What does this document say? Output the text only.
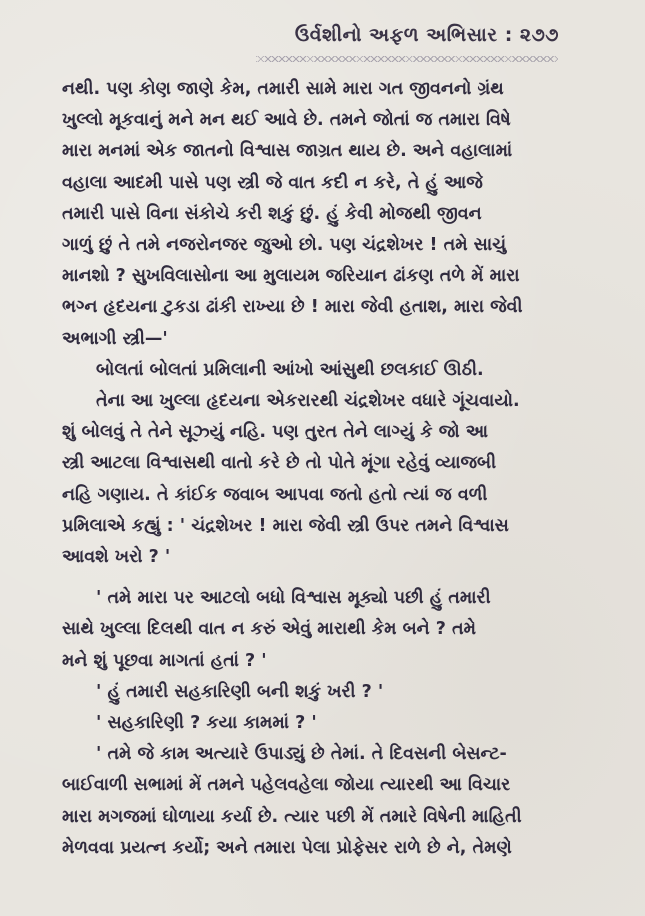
ઉર્વશીનો અફળ અભિસાર : ૨૭૭

નથી. પણ કોણ જાણે કેમ, તમારી સામે મારા ગત જીવનનો ગ્રંથ
ખુલ્લો મૂકવાનું મને મન થઈ આવે છે. તમને જોતાં જ તમારા વિષે
મારા મનમાં એક જાતનો વિશ્વાસ જાગ્રત થાય છે. અને વહાલામાં
વહાલા આદમી પાસે પણ સ્ત્રી જે વાત કદી ન કરે, તે હું આજે
તમારી પાસે વિના સંકોચે કરી શકું છું. હું કેવી મોજથી જીવન
ગાળું છું તે તમે નજરોનજર જુઓ છો. પણ ચંદ્રશેખર ! તમે સાચું
માનશો ? સુખવિલાસોના આ મુલાયમ જરિયાન ઢાંકણ તળે મેં મારા
ભગ્ન હૃદયના ટુકડા ઢાંકી રાખ્યા છે ! મારા જેવી હતાશ, મારા જેવી
અભાગી સ્ત્રી—'

બોલતાં બોલતાં પ્રમિલાની આંખો આંસુથી છલકાઈ ઊઠી.

તેના આ ખુલ્લા હૃદયના એકરારથી ચંદ્રશેખર વધારે ગૂંચવાયો.
શું બોલવું તે તેને સૂઝ્યું નહિ. પણ તુરત તેને લાગ્યું કે જો આ
સ્ત્રી આટલા વિશ્વાસથી વાતો કરે છે તો પોતે મૂંગા રહેવું વ્યાજબી
નહિ ગણાય. તે કાંઈક જવાબ આપવા જતો હતો ત્યાં જ વળી
પ્રમિલાએ કહ્યું : ' ચંદ્રશેખર ! મારા જેવી સ્ત્રી ઉપર તમને વિશ્વાસ
આવશે ખરો ? '

' તમે મારા પર આટલો બધો વિશ્વાસ મૂક્યો પછી હું તમારી
સાથે ખુલ્લા દિલથી વાત ન કરું એવું મારાથી કેમ બને ? તમે
મને શું પૂછવા માગતાં હતાં ? '

' હું તમારી સહકારિણી બની શકું ખરી ? '

' સહકારિણી ? કયા કામમાં ? '

' તમે જે કામ અત્યારે ઉપાડ્યું છે તેમાં. તે દિવસની બેસન્ટ-
બાઈવાળી સભામાં મેં તમને પહેલવહેલા જોયા ત્યારથી આ વિચાર
મારા મગજમાં ઘોળાયા કર્યા છે. ત્યાર પછી મેં તમારે વિષેની માહિતી
મેળવવા પ્રયત્ન કર્યો; અને તમારા પેલા પ્રોફેસર રાળે છે ને, તેમણે
